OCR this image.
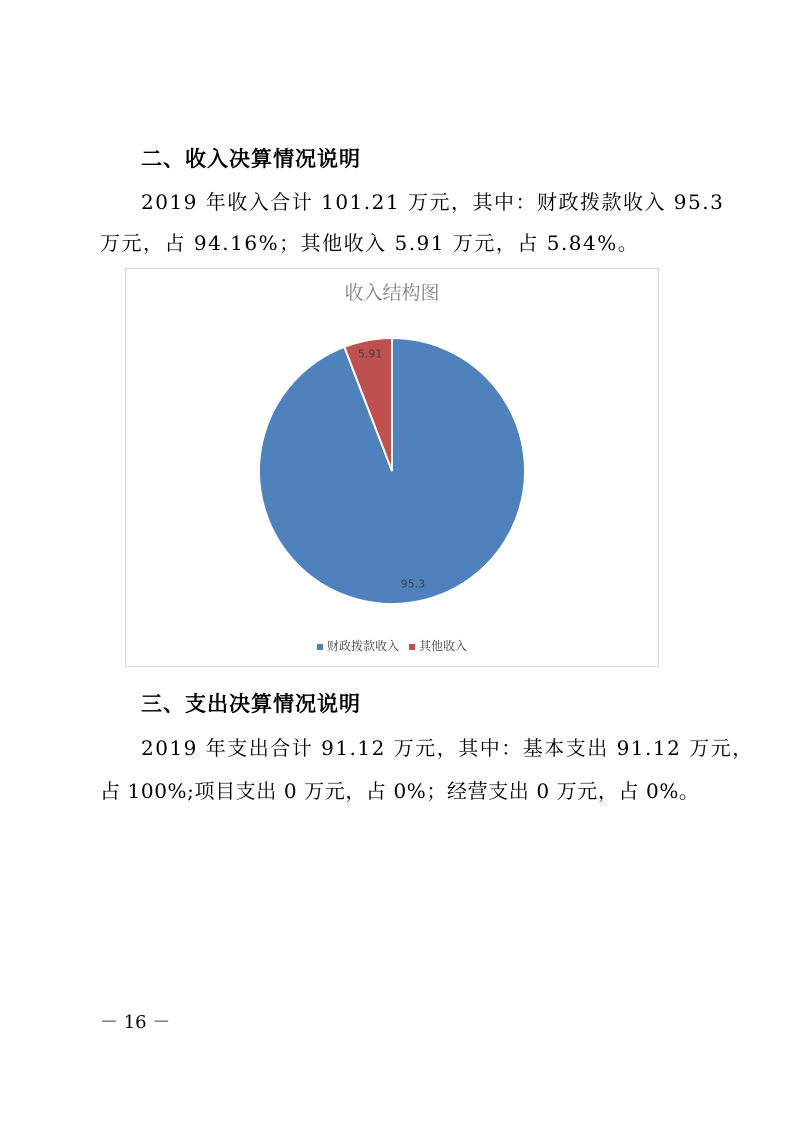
二、收入决算情况说明

2019 年收入合计 101.21 万元，其中：财政拨款收入 95.3

万元，占 94.16%；其他收入 5.91 万元，占 5.84%。

收入结构图
95.3
5.91
财政拨款收入 其他收入
三、支出决算情况说明

2019 年支出合计 91.12 万元，其中：基本支出 91.12 万元，

占 100%;项目支出 0 万元，占 0%；经营支出 0 万元，占 0%。

－ 16 －
